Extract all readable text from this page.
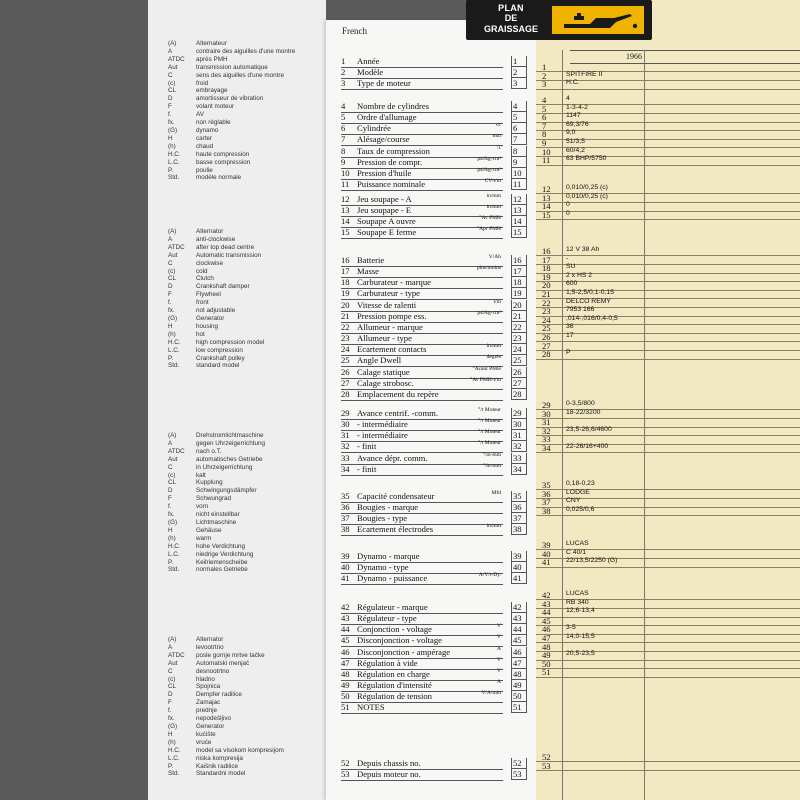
(A)	Alternateur
A	contraire des aiguilles d'une montre
ATDC	après PMH
Aut	transmission automatique
C	sens des aiguilles d'une montre
(c)	froid
CL	embrayage
D	amortisseur de vibration
F	volant moteur
f.	AV
fx.	non réglable
(G)	dynamo
H	carter
(h)	chaud
H.C.	haute compression
L.C.	basse compression
P.	poulie
Std.	modèle normale
(A)	Alternator
A	anti-clockwise
ATDC	after top dead centre
Aut	Automatic transmission
C	clockwise
(c)	cold
CL	Clutch
D	Crankshaft damper
F	Flywheel
f.	front
fx.	not adjustable
(G)	Generator
H	housing
(h)	hot
H.C.	high compression model
L.C.	low compression
P.	Crankshaft pulley
Std.	standard model
(A)	Drehstromlichtmaschine
A	gegen Uhrzeigerrichtung
ATDC	nach o.T.
Aut	automatisches Getriebe
C	in Uhrzeigerrichtung
(c)	kalt
CL	Kupplung
D	Schwingungsdämpfer
F	Schwungrad
f.	vorn
fx.	nicht einstellbar
(G)	Lichtmaschine
H	Gehäuse
(h)	warm
H.C.	hohe Verdichtung
L.C.	niedrige Verdichtung
P.	Keilriemenscheibe
Std.	normales Getriebe
(A)	Alternator
A	levootrtno
ATDC	posle gornje mrtve tačke
Aut	Automatski menjač
C	desnootrtno
(c)	hladno
CL	Spojnica
D	Dempfer radilice
F	Zamajac
f.	prednje
fx.	nepodešljivo
(G)	Generator
H	kućište
(h)	vruće
H.C.	model sa visokom kompresijom
L.C.	niska kompresija
P.	Kaišnik radilice
Std.	Standardni model
French
1	Année	1
2	Modèle	2
3	Type de moteur	3
4	Nombre de cylindres	4
5	Ordre d'allumage	5
6	Cylindrée	cc 6
7	Alésage/course	mm 7
8	Taux de compression	:1 8
9	Pression de compr.	psi/kg-cm² 9
10 Pression d'huile	psi/kg-cm² 10
11 Puissance nominale	CV-t/m 11
12 Jeu soupape - A	in/mm 12
13 Jeu soupape - E	in/mm 13
14 Soupape A ouvre	°Av PMH 14
15 Soupape E ferme	°Apr PMH 15
16 Batterie	V/Ah 16
17 Masse	plus/moins 17
18 Carburateur - marque	18
19 Carburateur - type	19
20 Vitesse de ralenti	t/m 20
21 Pression pompe ess.	psi/kg-cm² 21
22 Allumeur - marque	22
23 Allumeur - type	23
24 Ecartement contacts	in/mm 24
25 Angle Dwell	degrés 25
26 Calage statique	°Avant PMH 26
27 Calage strobosc.	°Av PMH-t/m 27
28 Emplacement du repère	28
29 Avance centrif. -comm.	°/t Moteur 29
30 - intermédiaire	°/t Moteur 30
31 - intermédiaire	°/t Moteur 31
32 - finit	°/t Moteur 32
33 Avance dépr. comm.	°/in-mm 33
34 - finit	°/in-mm 34
35 Capacité condensateur	Mfd 35
36 Bougies - marque	36
37 Bougies - type	37
38 Ecartement électrodes	in/mm 38
39 Dynamo - marque	39
40 Dynamo - type	40
41 Dynamo - puissance	A/V/t-Dy. 41
42 Régulateur - marque	42
43 Régulateur - type	43
44 Conjonction - voltage	V 44
45 Disconjonction - voltage	V 45
46 Disconjonction - ampérage	A 46
47 Régulation à vide	V 47
48 Régulation en charge	V 48
49 Régulation d'intensité	A 49
50 Régulation de tension	V/A/min 50
51 NOTES	51
52 Depuis chassis no.	52
53 Depuis moteur no.	53
1966
1
2	SPITFIRE II
3	H.C.
4	4
5	1-3-4-2
6	1147
7	69,3/76
8	9,0
9	51/3,5
10 60/4,2
11 63 BHP/5750
12 0,010/0,25 (c)
13 0,010/0,25 (c)
14 0
15 0
16 12 V 38 Ah
17 -
18 SU
19 2 x HS 2
20 600
21 1,5-2,5/0,1-0,15
22 DELCO REMY
23 7953 166
24 ,014-,016/0,4-0,5
25 36
26 17
27
28 P
29 0-3,5/800
30 18-22/3200
31
32 23,5-26,6/4600
33
34 22-26/16+400
35 0,18-0,23
36 LODGE
37 CNY
38 0,025/0,6
39 LUCAS
40 C 40/1
41 22/13,5/2250 (G)
42 LUCAS
43 RB 340
44 12,6-13,4
45
46 3-5
47 14,0-15,5
48
49 20,5-23,5
50
51
52
53
PLAN
DE
GRAISSAGE
